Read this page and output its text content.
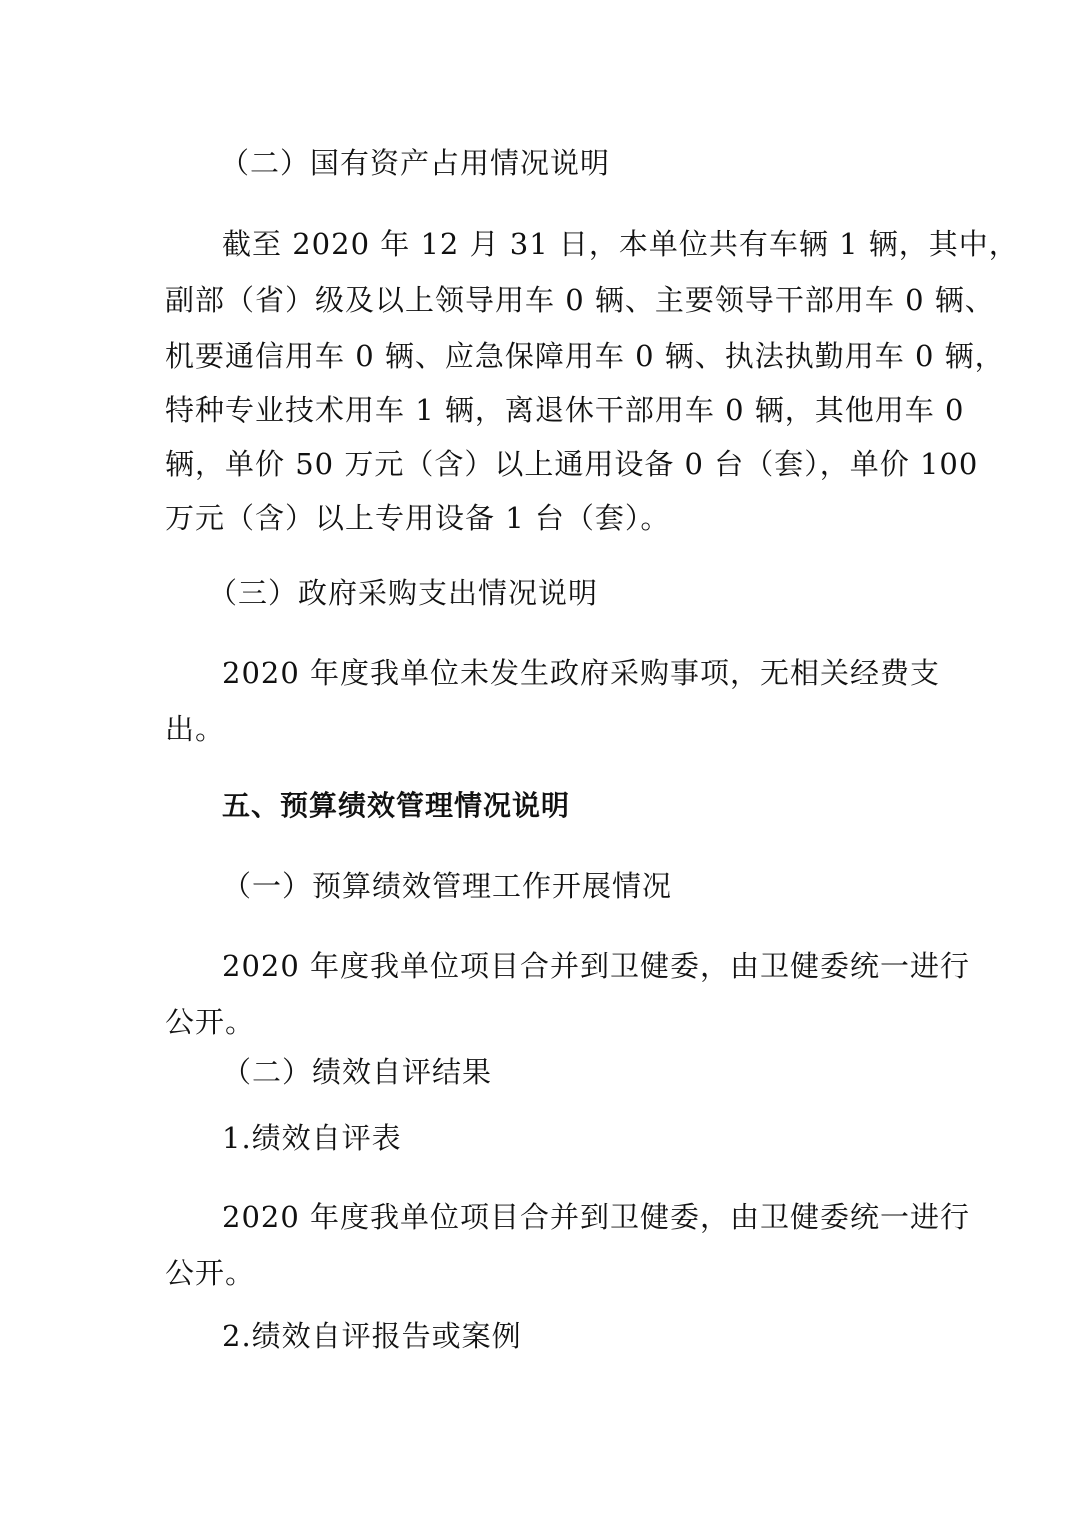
（二）国有资产占用情况说明
截至 2020 年 12 月 31 日，本单位共有车辆 1 辆，其中，
副部（省）级及以上领导用车 0 辆、主要领导干部用车 0 辆、
机要通信用车 0 辆、应急保障用车 0 辆、执法执勤用车 0 辆，
特种专业技术用车 1 辆，离退休干部用车 0 辆，其他用车 0
辆，单价 50 万元（含）以上通用设备 0 台（套），单价 100
万元（含）以上专用设备 1 台（套）。
（三）政府采购支出情况说明
2020 年度我单位未发生政府采购事项，无相关经费支
出。
五、预算绩效管理情况说明
（一）预算绩效管理工作开展情况
2020 年度我单位项目合并到卫健委，由卫健委统一进行
公开。
（二）绩效自评结果
1.绩效自评表
2020 年度我单位项目合并到卫健委，由卫健委统一进行
公开。
2.绩效自评报告或案例
